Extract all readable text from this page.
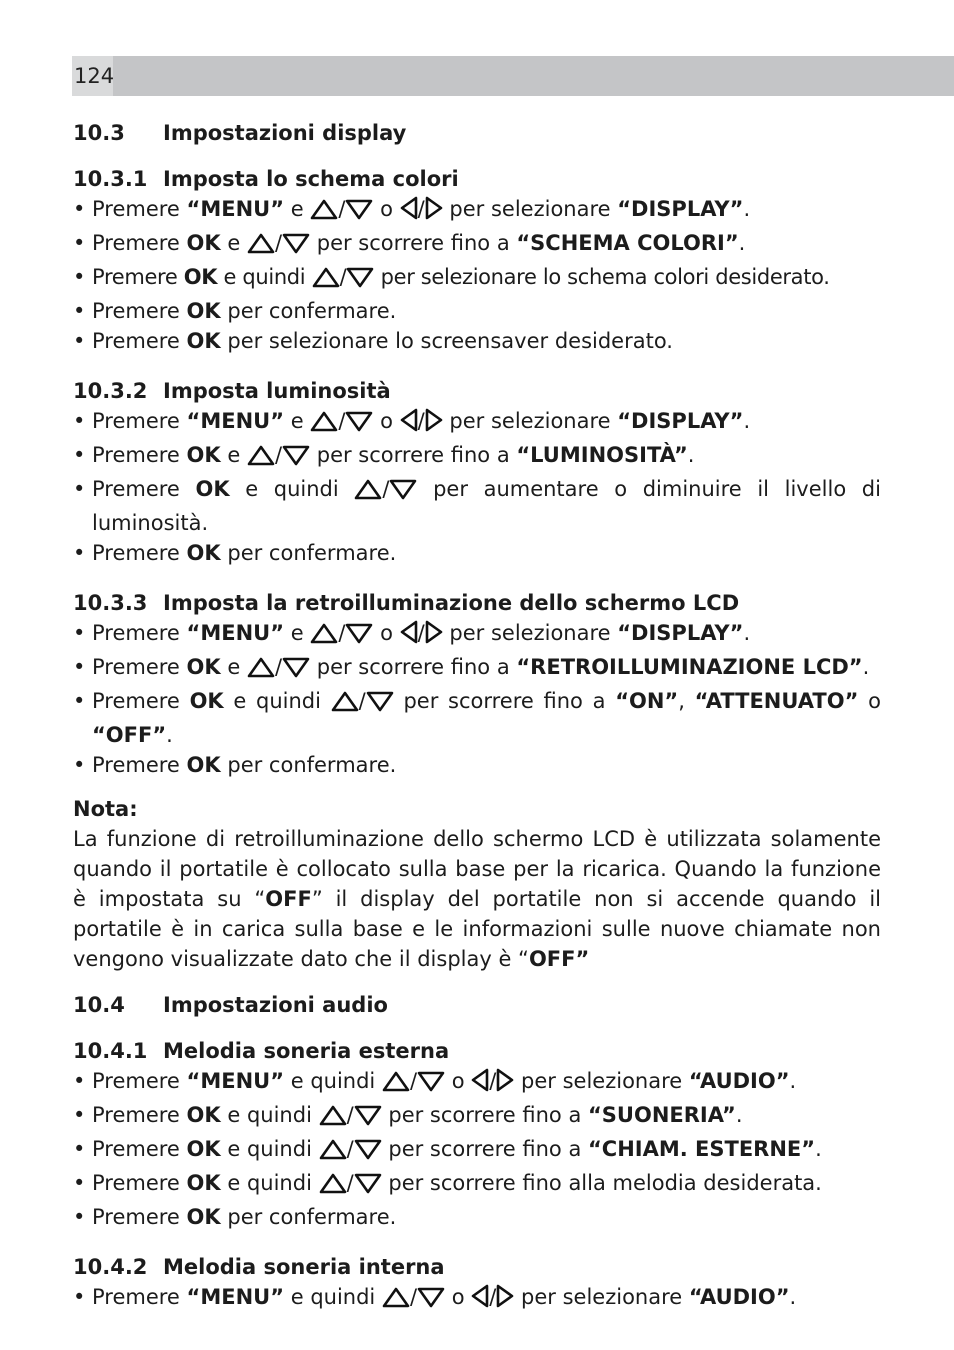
124
10.3 Impostazioni display
10.3.1 Imposta lo schema colori
• Premere “MENU” e / o / per selezionare “DISPLAY”.
• Premere OK e / per scorrere fino a “SCHEMA COLORI”.
• Premere OK e quindi / per selezionare lo schema colori desiderato.
• Premere OK per confermare.
• Premere OK per selezionare lo screensaver desiderato.
10.3.2 Imposta luminosità
• Premere “MENU” e / o / per selezionare “DISPLAY”.
• Premere OK e / per scorrere fino a “LUMINOSITÀ”.
• Premere OK e quindi / per aumentare o diminuire il livello di luminosità.
• Premere OK per confermare.
10.3.3 Imposta la retroilluminazione dello schermo LCD
• Premere “MENU” e / o / per selezionare “DISPLAY”.
• Premere OK e / per scorrere fino a “RETROILLUMINAZIONE LCD”.
• Premere OK e quindi / per scorrere fino a “ON”, “ATTENUATO” o “OFF”.
• Premere OK per confermare.
Nota:
La funzione di retroilluminazione dello schermo LCD è utilizzata solamente quando il portatile è collocato sulla base per la ricarica. Quando la funzione è impostata su “OFF” il display del portatile non si accende quando il portatile è in carica sulla base e le informazioni sulle nuove chiamate non vengono visualizzate dato che il display è “OFF”
10.4 Impostazioni audio
10.4.1 Melodia soneria esterna
• Premere “MENU” e quindi / o / per selezionare “AUDIO”.
• Premere OK e quindi / per scorrere fino a “SUONERIA”.
• Premere OK e quindi / per scorrere fino a “CHIAM. ESTERNE”.
• Premere OK e quindi / per scorrere fino alla melodia desiderata.
• Premere OK per confermare.
10.4.2 Melodia soneria interna
• Premere “MENU” e quindi / o / per selezionare “AUDIO”.
